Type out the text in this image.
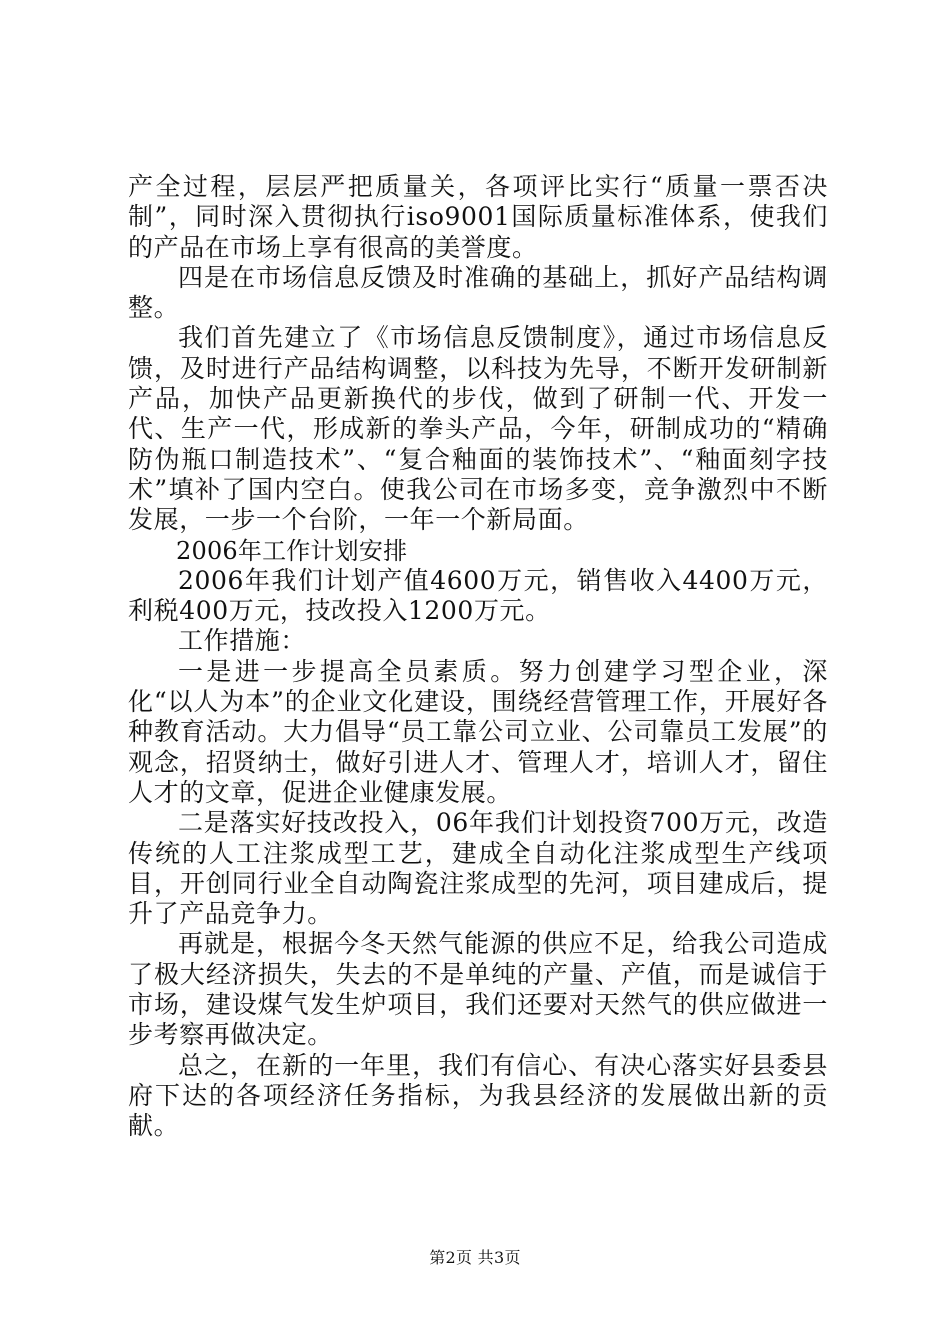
产全过程，层层严把质量关，各项评比实行“质量一票否决制”，同时深入贯彻执行iso9001国际质量标准体系，使我们的产品在市场上享有很高的美誉度。

四是在市场信息反馈及时准确的基础上，抓好产品结构调整。

我们首先建立了《市场信息反馈制度》，通过市场信息反馈，及时进行产品结构调整，以科技为先导，不断开发研制新产品，加快产品更新换代的步伐，做到了研制一代、开发一代、生产一代，形成新的拳头产品，今年，研制成功的“精确防伪瓶口制造技术”、“复合釉面的装饰技术”、“釉面刻字技术”填补了国内空白。使我公司在市场多变，竞争激烈中不断发展，一步一个台阶，一年一个新局面。

2006年工作计划安排

2006年我们计划产值4600万元，销售收入4400万元，利税400万元，技改投入1200万元。

工作措施：

一是进一步提高全员素质。努力创建学习型企业，深化“以人为本”的企业文化建设，围绕经营管理工作，开展好各种教育活动。大力倡导“员工靠公司立业、公司靠员工发展”的观念，招贤纳士，做好引进人才、管理人才，培训人才，留住人才的文章，促进企业健康发展。

二是落实好技改投入，06年我们计划投资700万元，改造传统的人工注浆成型工艺，建成全自动化注浆成型生产线项目，开创同行业全自动陶瓷注浆成型的先河，项目建成后，提升了产品竞争力。

再就是，根据今冬天然气能源的供应不足，给我公司造成了极大经济损失，失去的不是单纯的产量、产值，而是诚信于市场，建设煤气发生炉项目，我们还要对天然气的供应做进一步考察再做决定。

总之，在新的一年里，我们有信心、有决心落实好县委县府下达的各项经济任务指标，为我县经济的发展做出新的贡献。

第2页 共3页
